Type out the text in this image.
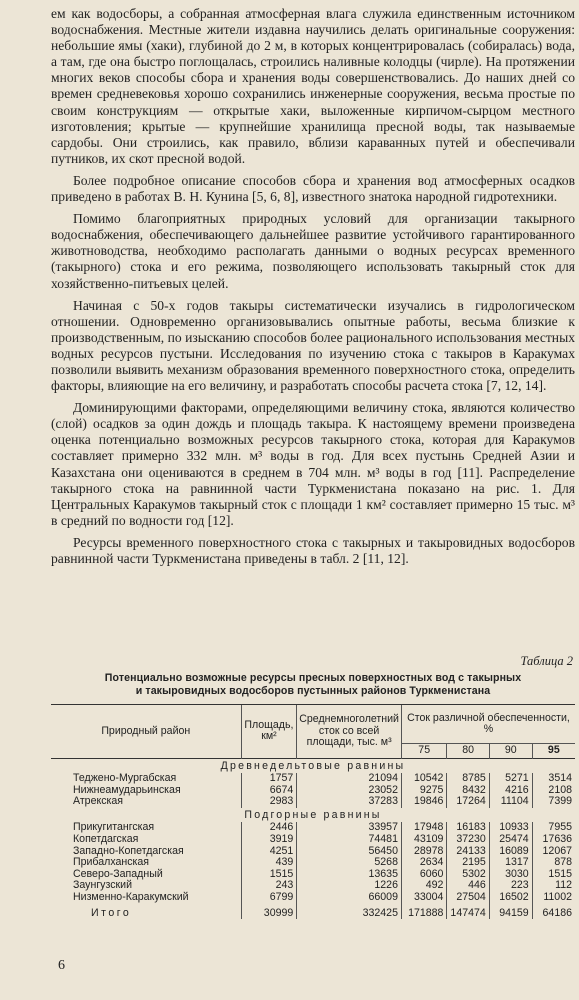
ем как водосборы, а собранная атмосферная влага служила единственным источником водоснабжения. Местные жители издавна научились делать оригинальные сооружения: небольшие ямы (хаки), глубиной до 2 м, в которых концентрировалась (собиралась) вода, а там, где она быстро поглощалась, строились наливные колодцы (чирле). На протяжении многих веков способы сбора и хранения воды совершенствовались. До наших дней со времен средневековья хорошо сохранились инженерные сооружения, весьма простые по своим конструкциям — открытые хаки, выложенные кирпичом-сырцом местного изготовления; крытые — крупнейшие хранилища пресной воды, так называемые сардобы. Они строились, как правило, вблизи караванных путей и обеспечивали путников, их скот пресной водой.

Более подробное описание способов сбора и хранения вод атмосферных осадков приведено в работах В. Н. Кунина [5, 6, 8], известного знатока народной гидротехники.

Помимо благоприятных природных условий для организации такырного водоснабжения, обеспечивающего дальнейшее развитие устойчивого гарантированного животноводства, необходимо располагать данными о водных ресурсах временного (такырного) стока и его режима, позволяющего использовать такырный сток для хозяйственно-питьевых целей.

Начиная с 50-х годов такыры систематически изучались в гидрологическом отношении. Одновременно организовывались опытные работы, весьма близкие к производственным, по изысканию способов более рационального использования местных водных ресурсов пустыни. Исследования по изучению стока с такыров в Каракумах позволили выявить механизм образования временного поверхностного стока, определить факторы, влияющие на его величину, и разработать способы расчета стока [7, 12, 14].

Доминирующими факторами, определяющими величину стока, являются количество (слой) осадков за один дождь и площадь такыра. К настоящему времени произведена оценка потенциально возможных ресурсов такырного стока, которая для Каракумов составляет примерно 332 млн. м³ воды в год. Для всех пустынь Средней Азии и Казахстана они оцениваются в среднем в 704 млн. м³ воды в год [11]. Распределение такырного стока на равнинной части Туркменистана показано на рис. 1. Для Центральных Каракумов такырный сток с площади 1 км² составляет примерно 15 тыс. м³ в средний по водности год [12].

Ресурсы временного поверхностного стока с такырных и такыровидных водосборов равнинной части Туркменистана приведены в табл. 2 [11, 12].

Таблица 2
Потенциально возможные ресурсы пресных поверхностных вод с такырных
и такыровидных водосборов пустынных районов Туркменистана
Природный район	Площадь, км²	Среднемноголетний сток со всей площади, тыс. м³	Сток различной обеспеченности, %			
			75	80	90	95
Древнедельтовые равнины						
Теджено-Мургабская	1757	21094	10542	8785	5271	3514
Нижнеамударьинская	6674	23052	9275	8432	4216	2108
Атрекская	2983	37283	19846	17264	11104	7399
Подгорные равнины						
Прикугитангская	2446	33957	17948	16183	10933	7955
Копетдагская	3919	74481	43109	37230	25474	17636
Западно-Копетдагская	4251	56450	28978	24133	16089	12067
Прибалханская	439	5268	2634	2195	1317	878
Северо-Западный	1515	13635	6060	5302	3030	1515
Заунгузский	243	1226	492	446	223	112
Низменно-Каракумский	6799	66009	33004	27504	16502	11002
Итого	30999	332425	171888	147474	94159	64186
6
